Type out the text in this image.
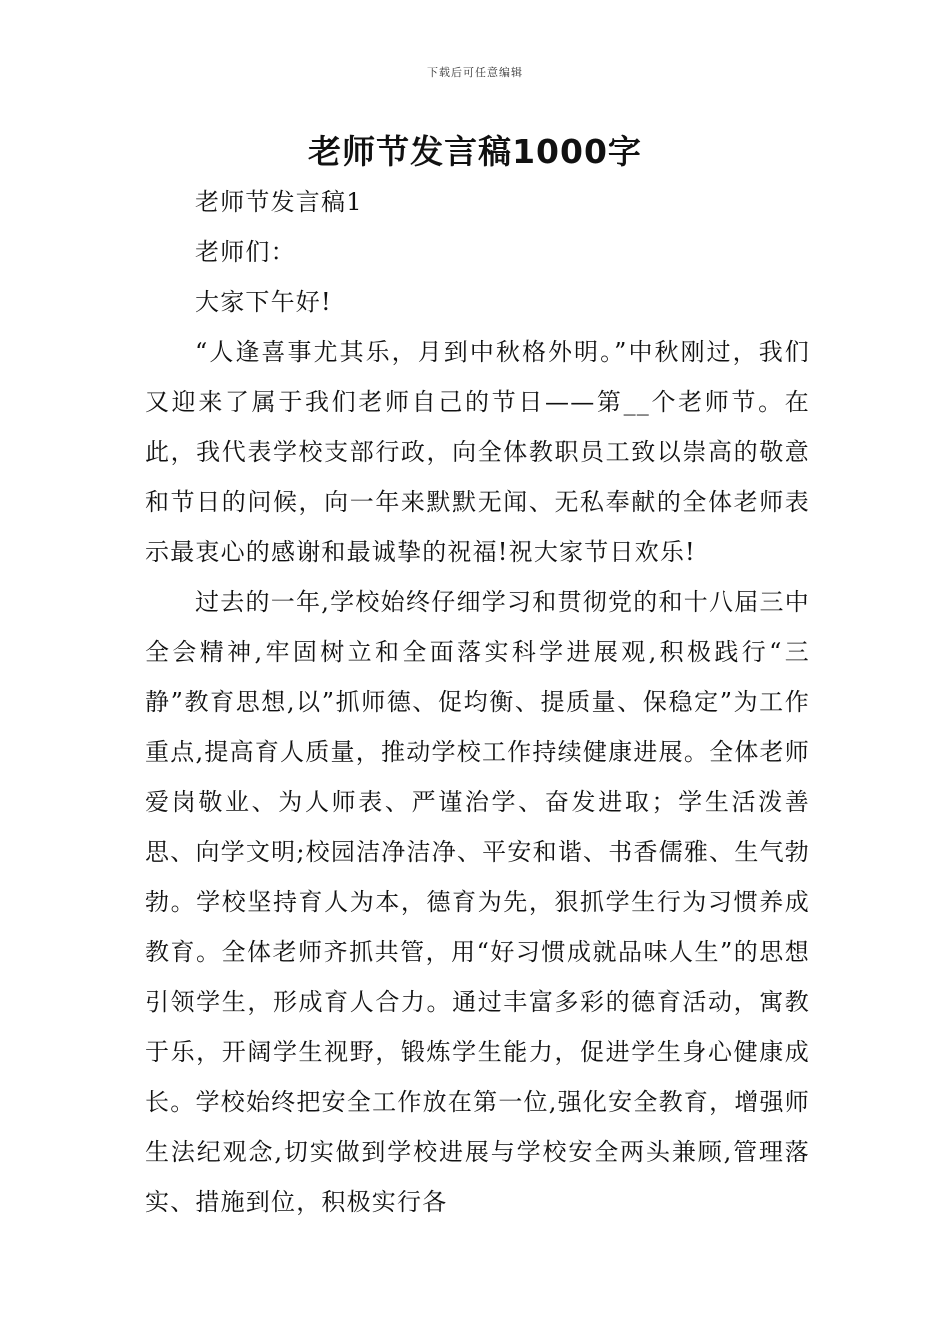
下载后可任意编辑
老师节发言稿1000字

老师节发言稿1

老师们：

大家下午好!

“人逢喜事尤其乐，月到中秋格外明。”中秋刚过，我们又迎来了属于我们老师自己的节日——第__个老师节。在此，我代表学校支部行政，向全体教职员工致以崇高的敬意和节日的问候，向一年来默默无闻、无私奉献的全体老师表示最衷心的感谢和最诚挚的祝福!祝大家节日欢乐!

过去的一年,学校始终仔细学习和贯彻党的和十八届三中全会精神,牢固树立和全面落实科学进展观,积极践行“三静”教育思想,以”抓师德、促均衡、提质量、保稳定”为工作重点,提高育人质量，推动学校工作持续健康进展。全体老师爱岗敬业、为人师表、严谨治学、奋发进取；学生活泼善思、向学文明;校园洁净洁净、平安和谐、书香儒雅、生气勃勃。学校坚持育人为本，德育为先，狠抓学生行为习惯养成教育。全体老师齐抓共管，用“好习惯成就品味人生”的思想引领学生，形成育人合力。通过丰富多彩的德育活动，寓教于乐，开阔学生视野，锻炼学生能力，促进学生身心健康成长。学校始终把安全工作放在第一位,强化安全教育，增强师生法纪观念,切实做到学校进展与学校安全两头兼顾,管理落实、措施到位，积极实行各
